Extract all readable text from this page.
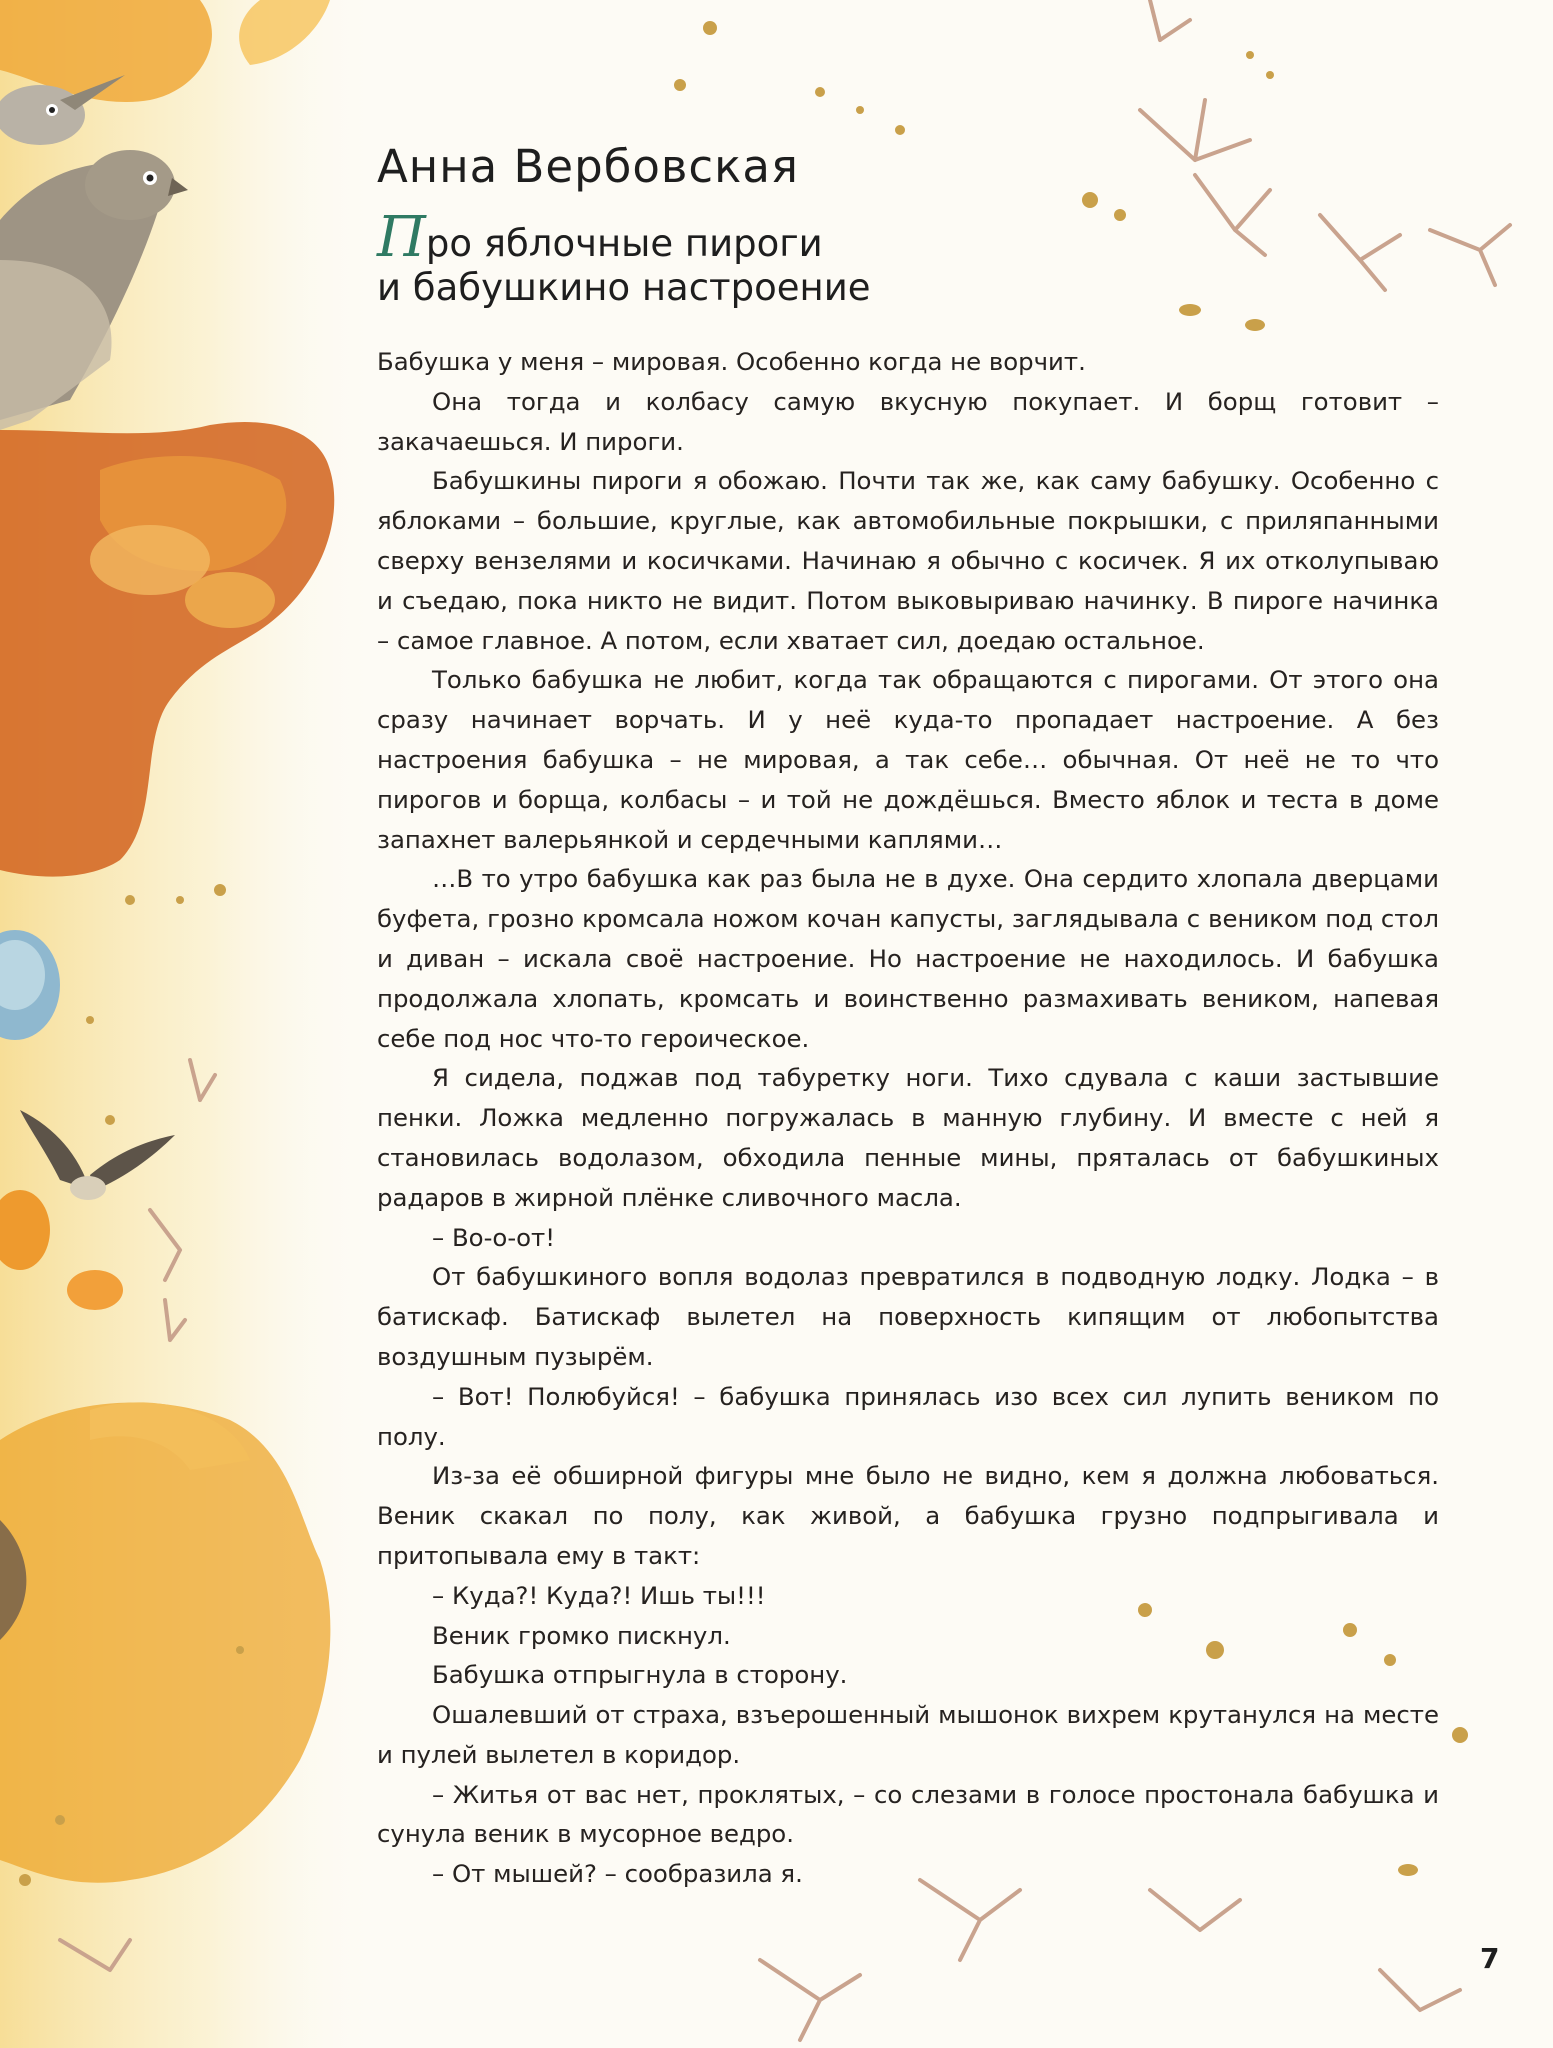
Анна Вербовская
Про яблочные пироги
и бабушкино настроение

Бабушка у меня – мировая. Особенно когда не ворчит.

Она тогда и колбасу самую вкусную покупает. И борщ готовит – закачаешься. И пироги.

Бабушкины пироги я обожаю. Почти так же, как саму бабушку. Особенно с яблоками – большие, круглые, как автомобильные покрышки, с приляпанными сверху вензелями и косичками. Начинаю я обычно с косичек. Я их отколупываю и съедаю, пока никто не видит. Потом выковыриваю начинку. В пироге начинка – самое главное. А потом, если хватает сил, доедаю остальное.

Только бабушка не любит, когда так обращаются с пирогами. От этого она сразу начинает ворчать. И у неё куда-то пропадает настроение. А без настроения бабушка – не мировая, а так себе… обычная. От неё не то что пирогов и борща, колбасы – и той не дождёшься. Вместо яблок и теста в доме запахнет валерьянкой и сердечными каплями…

…В то утро бабушка как раз была не в духе. Она сердито хлопала дверцами буфета, грозно кромсала ножом кочан капусты, заглядывала с веником под стол и диван – искала своё настроение. Но настроение не находилось. И бабушка продолжала хлопать, кромсать и воинственно размахивать веником, напевая себе под нос что-то героическое.

Я сидела, поджав под табуретку ноги. Тихо сдувала с каши застывшие пенки. Ложка медленно погружалась в манную глубину. И вместе с ней я становилась водолазом, обходила пенные мины, пряталась от бабушкиных радаров в жирной плёнке сливочного масла.

– Во-о-от!

От бабушкиного вопля водолаз превратился в подводную лодку. Лодка – в батискаф. Батискаф вылетел на поверхность кипящим от любопытства воздушным пузырём.

– Вот! Полюбуйся! – бабушка принялась изо всех сил лупить веником по полу.

Из-за её обширной фигуры мне было не видно, кем я должна любоваться. Веник скакал по полу, как живой, а бабушка грузно подпрыгивала и притопывала ему в такт:

– Куда?! Куда?! Ишь ты!!!

Веник громко пискнул.

Бабушка отпрыгнула в сторону.

Ошалевший от страха, взъерошенный мышонок вихрем крутанулся на месте и пулей вылетел в коридор.

– Житья от вас нет, проклятых, – со слезами в голосе простонала бабушка и сунула веник в мусорное ведро.

– От мышей? – сообразила я.

7
